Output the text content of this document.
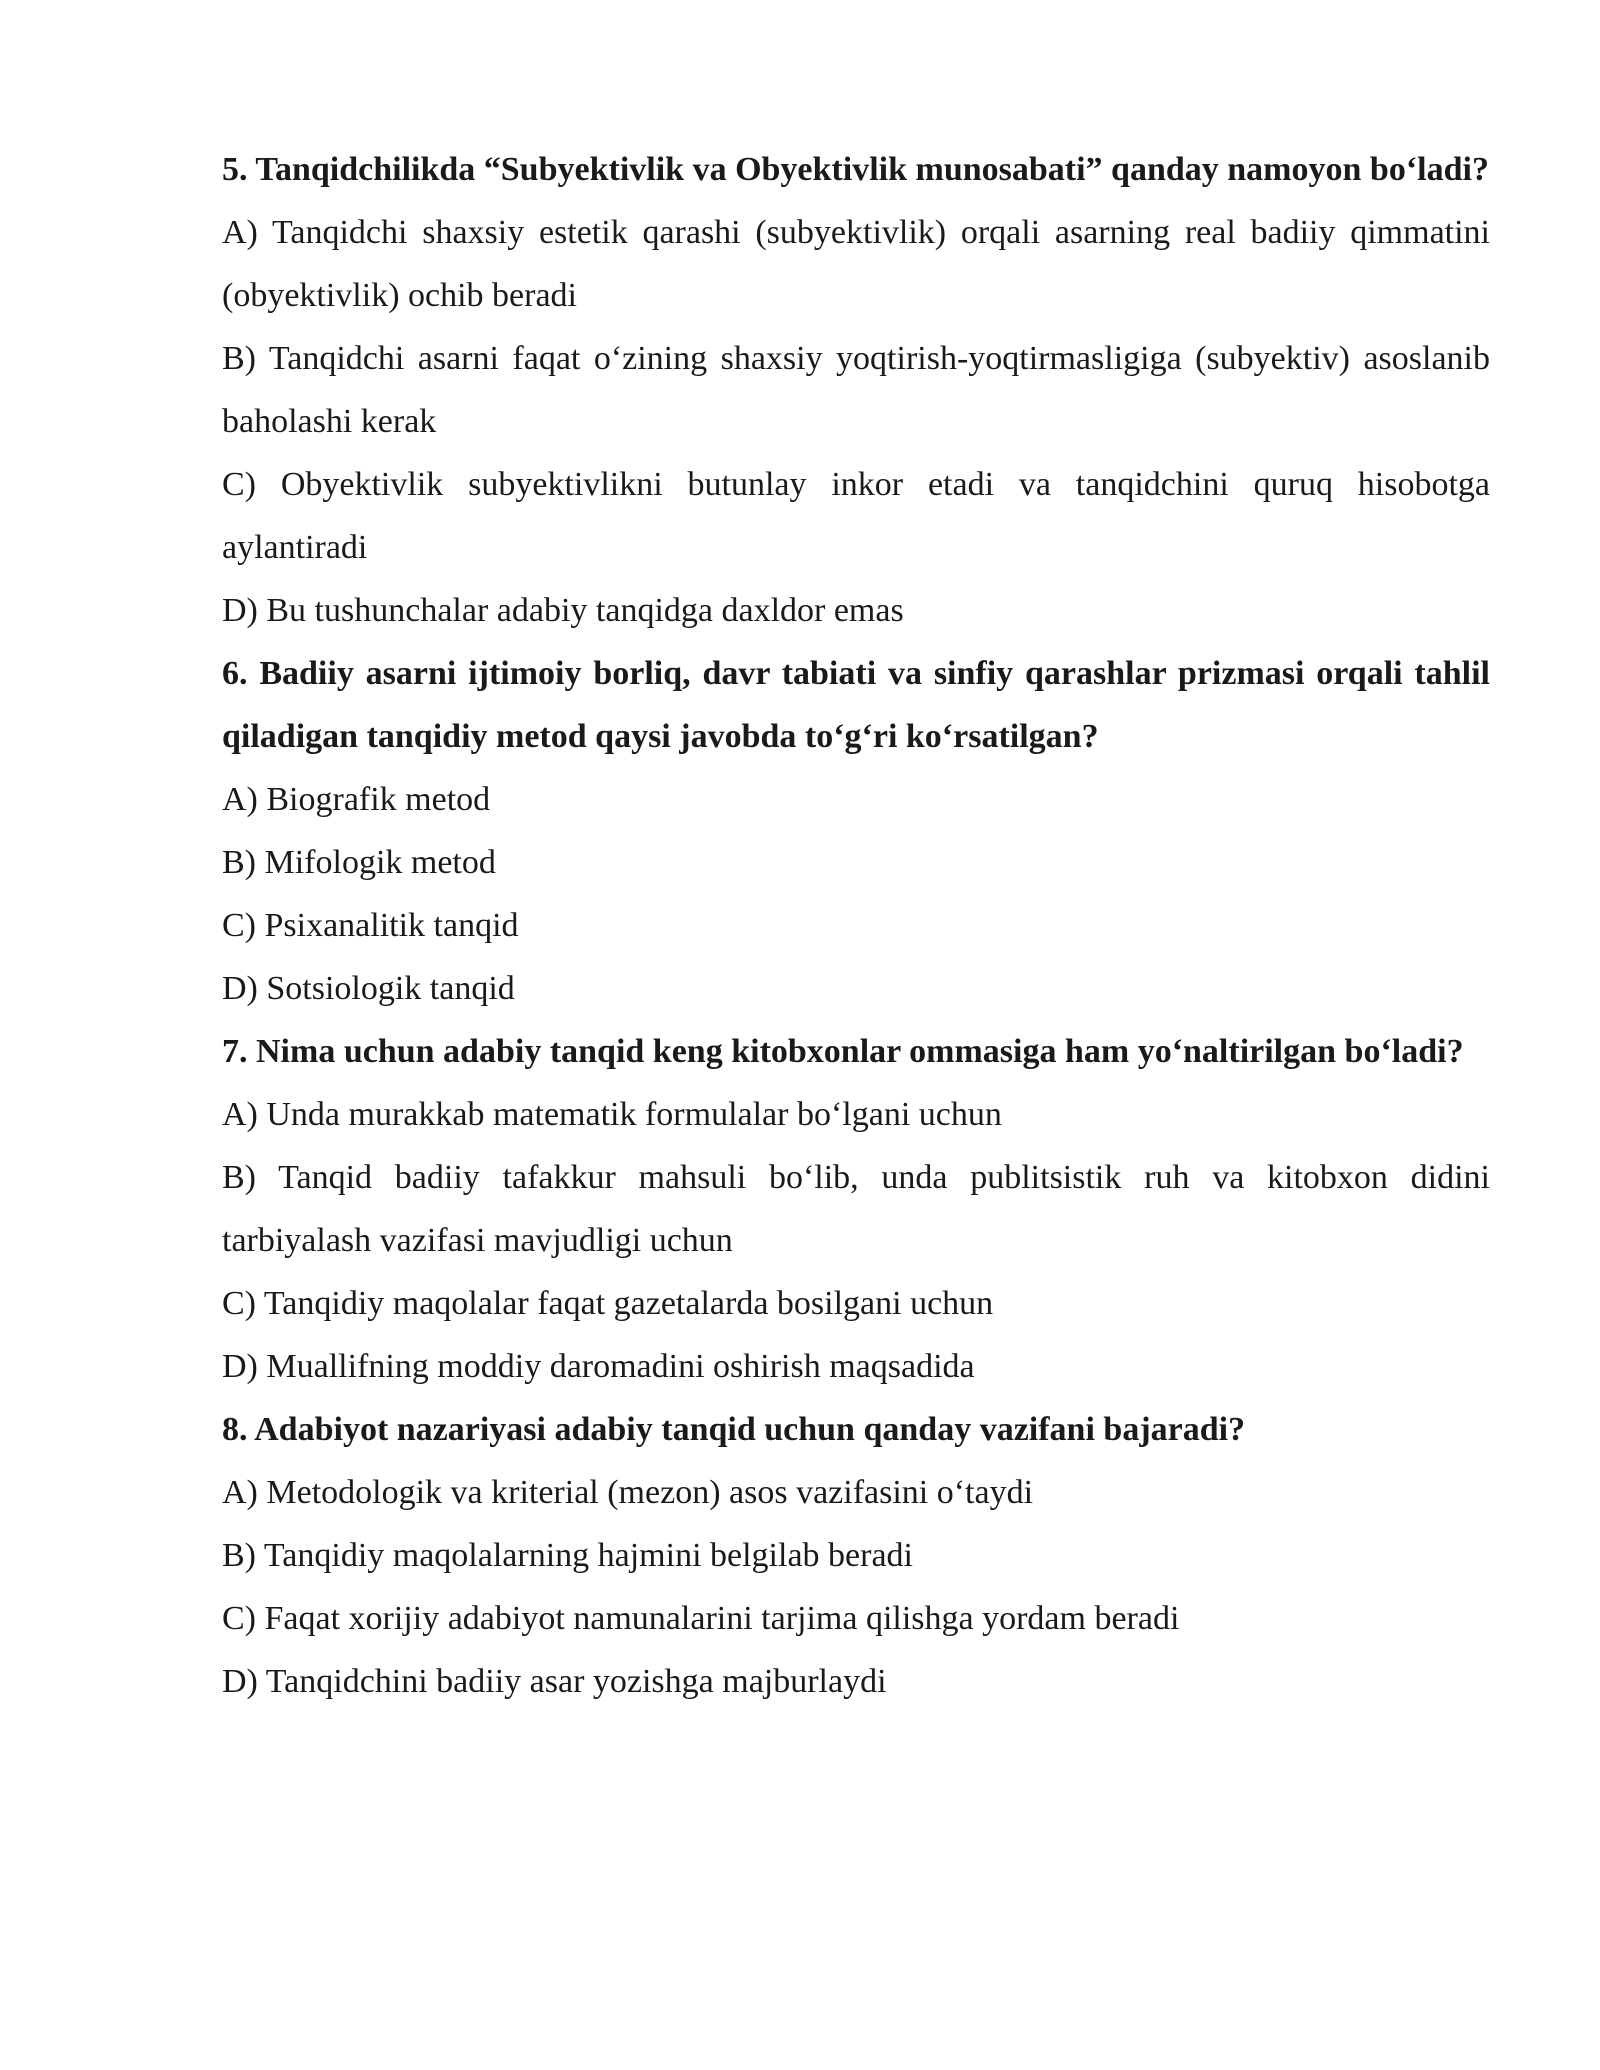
5. Tanqidchilikda “Subyektivlik va Obyektivlik munosabati” qanday namoyon bo‘ladi?

A) Tanqidchi shaxsiy estetik qarashi (subyektivlik) orqali asarning real badiiy qimmatini (obyektivlik) ochib beradi

B) Tanqidchi asarni faqat o‘zining shaxsiy yoqtirish-yoqtirmasligiga (subyektiv) asoslanib baholashi kerak

C) Obyektivlik subyektivlikni butunlay inkor etadi va tanqidchini quruq hisobotga aylantiradi

D) Bu tushunchalar adabiy tanqidga daxldor emas

6. Badiiy asarni ijtimoiy borliq, davr tabiati va sinfiy qarashlar prizmasi orqali tahlil qiladigan tanqidiy metod qaysi javobda to‘g‘ri ko‘rsatilgan?

A) Biografik metod

B) Mifologik metod

C) Psixanalitik tanqid

D) Sotsiologik tanqid

7. Nima uchun adabiy tanqid keng kitobxonlar ommasiga ham yo‘naltirilgan bo‘ladi?

A) Unda murakkab matematik formulalar bo‘lgani uchun

B) Tanqid badiiy tafakkur mahsuli bo‘lib, unda publitsistik ruh va kitobxon didini tarbiyalash vazifasi mavjudligi uchun

C) Tanqidiy maqolalar faqat gazetalarda bosilgani uchun

D) Muallifning moddiy daromadini oshirish maqsadida

8. Adabiyot nazariyasi adabiy tanqid uchun qanday vazifani bajaradi?

A) Metodologik va kriterial (mezon) asos vazifasini o‘taydi

B) Tanqidiy maqolalarning hajmini belgilab beradi

C) Faqat xorijiy adabiyot namunalarini tarjima qilishga yordam beradi

D) Tanqidchini badiiy asar yozishga majburlaydi
